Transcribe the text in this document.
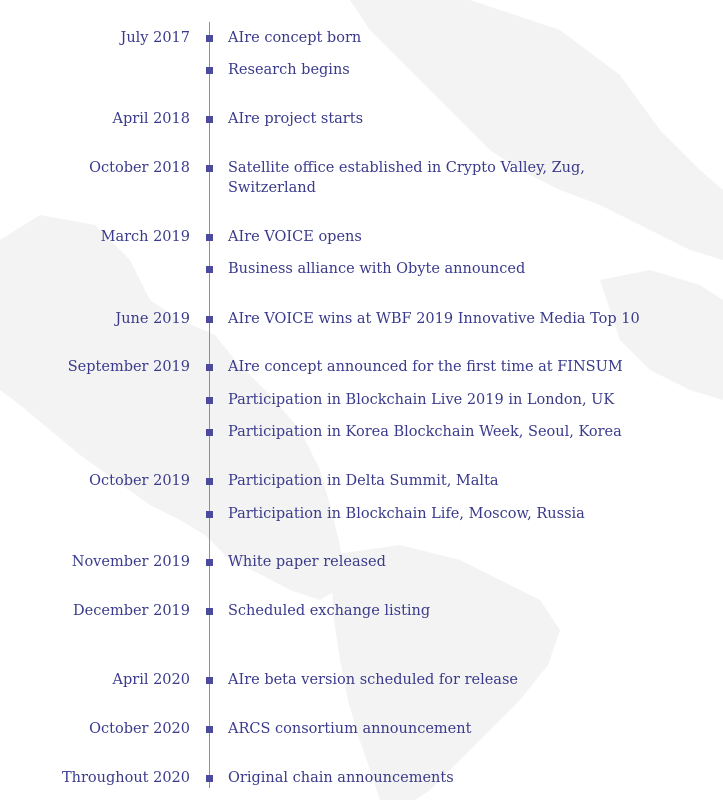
July 2017	AIre concept born
Research begins
April 2018	AIre project starts
October 2018	Satellite office established in Crypto Valley, Zug, Switzerland
March 2019	AIre VOICE opens
Business alliance with Obyte announced
June 2019	AIre VOICE wins at WBF 2019 Innovative Media Top 10
September 2019	AIre concept announced for the first time at FINSUM
Participation in Blockchain Live 2019 in London, UK
Participation in Korea Blockchain Week, Seoul, Korea
October 2019	Participation in Delta Summit, Malta
Participation in Blockchain Life, Moscow, Russia
November 2019	White paper released
December 2019	Scheduled exchange listing
April 2020	AIre beta version scheduled for release
October 2020	ARCS consortium announcement
Throughout 2020	Original chain announcements
